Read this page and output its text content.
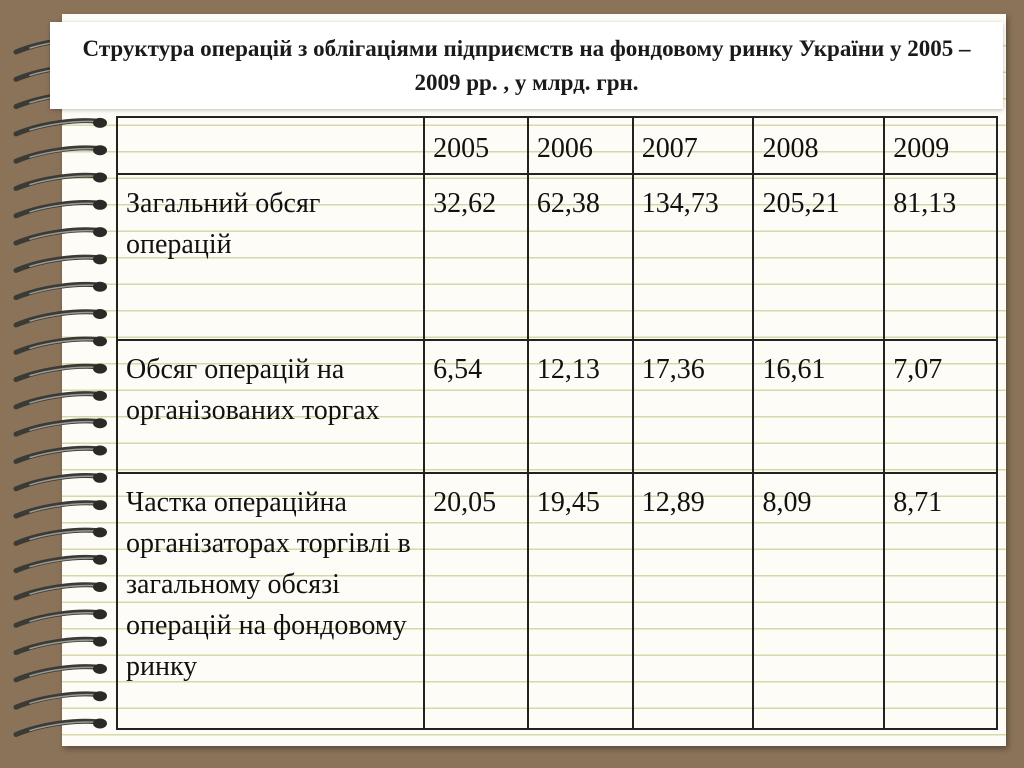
Структура операцій з облігаціями підприємств на фондовому ринку України у 2005 – 2009 рр. , у млрд. грн.
	2005	2006	2007	2008	2009
Загальний обсяг операцій	32,62	62,38	134,73	205,21	81,13
Обсяг операцій на організованих торгах	6,54	12,13	17,36	16,61	7,07
Частка операційна організаторах торгівлі в загальному обсязі операцій на фондовому ринку	20,05	19,45	12,89	8,09	8,71
